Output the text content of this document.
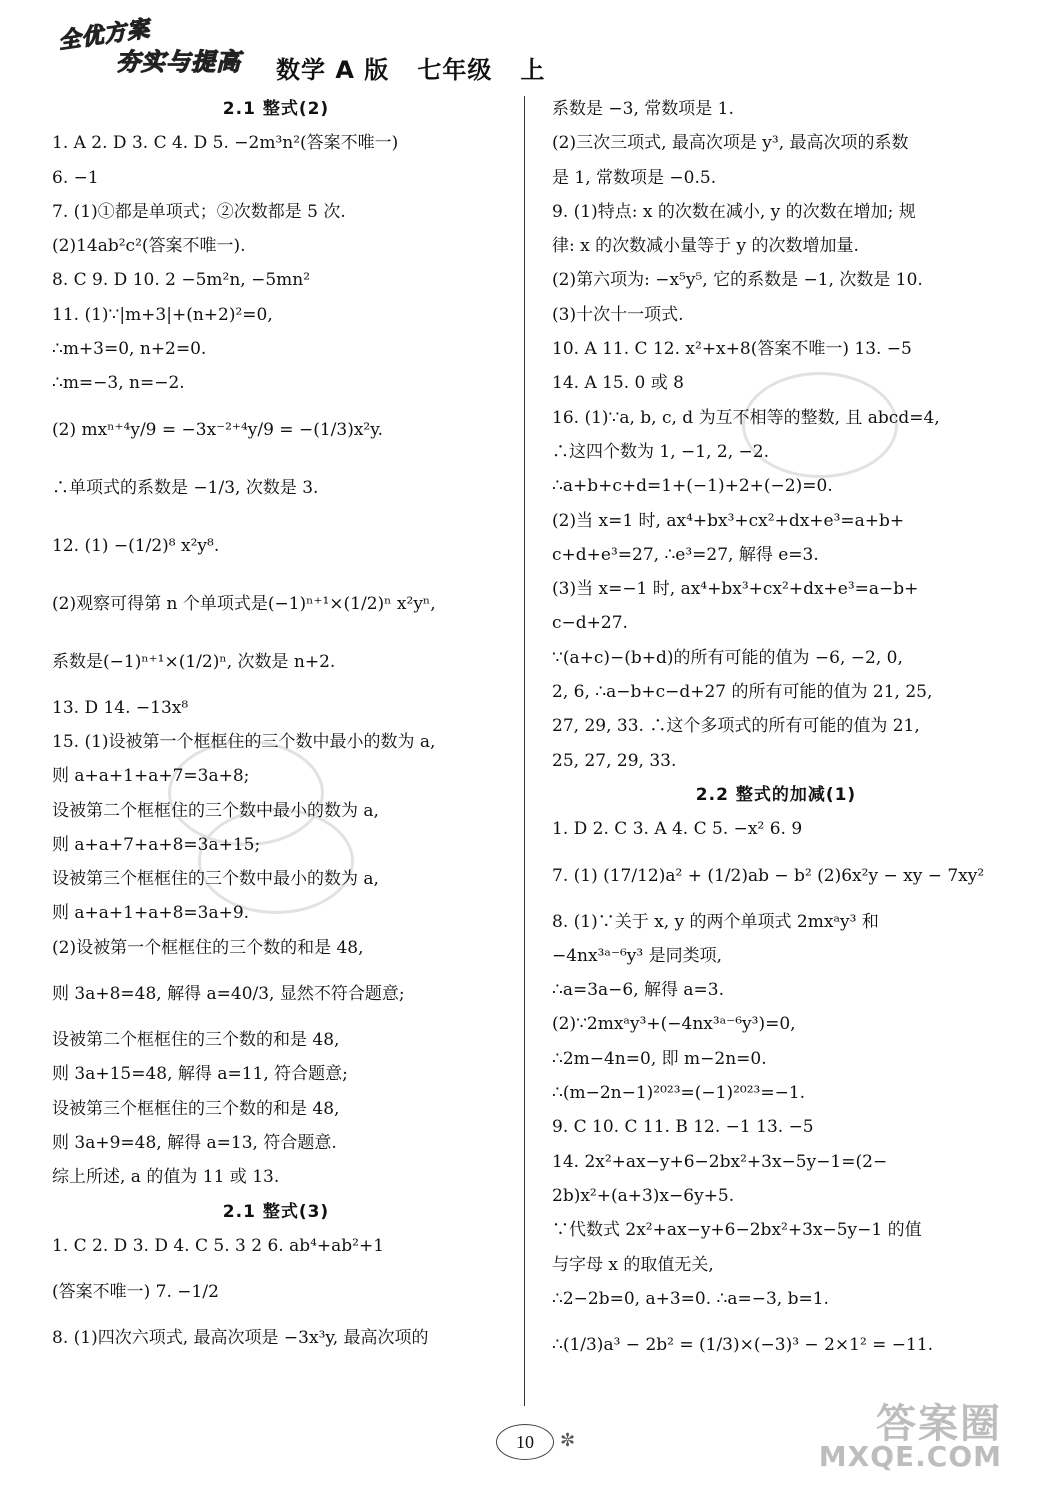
全优方案
夯实与提高 数学 A 版   七年级   上
2.1 整式(2)
1. A 2. D 3. C 4. D 5. −2m³n²(答案不唯一)
6. −1
7. (1)①都是单项式；②次数都是 5 次.
(2)14ab²c²(答案不唯一).
8. C 9. D 10. 2 −5m²n, −5mn²
11. (1)∵|m+3|+(n+2)²=0,
∴m+3=0, n+2=0.
∴m=−3, n=−2.
(2) mxⁿ⁺⁴y/9 = −3x⁻²⁺⁴y/9 = −(1/3)x²y.
∴单项式的系数是 −1/3, 次数是 3.
12. (1) −(1/2)⁸ x²y⁸.
(2)观察可得第 n 个单项式是(−1)ⁿ⁺¹×(1/2)ⁿ x²yⁿ,
系数是(−1)ⁿ⁺¹×(1/2)ⁿ, 次数是 n+2.
13. D 14. −13x⁸
15. (1)设被第一个框框住的三个数中最小的数为 a,
则 a+a+1+a+7=3a+8;
设被第二个框框住的三个数中最小的数为 a,
则 a+a+7+a+8=3a+15;
设被第三个框框住的三个数中最小的数为 a,
则 a+a+1+a+8=3a+9.
(2)设被第一个框框住的三个数的和是 48,
则 3a+8=48, 解得 a=40/3, 显然不符合题意;
设被第二个框框住的三个数的和是 48,
则 3a+15=48, 解得 a=11, 符合题意;
设被第三个框框住的三个数的和是 48,
则 3a+9=48, 解得 a=13, 符合题意.
综上所述, a 的值为 11 或 13.
2.1 整式(3)
1. C 2. D 3. D 4. C 5. 3 2 6. ab⁴+ab²+1
(答案不唯一) 7. −1/2
8. (1)四次六项式, 最高次项是 −3x³y, 最高次项的
系数是 −3, 常数项是 1.
(2)三次三项式, 最高次项是 y³, 最高次项的系数
是 1, 常数项是 −0.5.
9. (1)特点: x 的次数在减小, y 的次数在增加; 规
律: x 的次数减小量等于 y 的次数增加量.
(2)第六项为: −x⁵y⁵, 它的系数是 −1, 次数是 10.
(3)十次十一项式.
10. A 11. C 12. x²+x+8(答案不唯一) 13. −5
14. A 15. 0 或 8
16. (1)∵a, b, c, d 为互不相等的整数, 且 abcd=4,
∴这四个数为 1, −1, 2, −2.
∴a+b+c+d=1+(−1)+2+(−2)=0.
(2)当 x=1 时, ax⁴+bx³+cx²+dx+e³=a+b+
c+d+e³=27, ∴e³=27, 解得 e=3.
(3)当 x=−1 时, ax⁴+bx³+cx²+dx+e³=a−b+
c−d+27.
∵(a+c)−(b+d)的所有可能的值为 −6, −2, 0,
2, 6, ∴a−b+c−d+27 的所有可能的值为 21, 25,
27, 29, 33. ∴这个多项式的所有可能的值为 21,
25, 27, 29, 33.
2.2 整式的加减(1)
1. D 2. C 3. A 4. C 5. −x² 6. 9
7. (1) (17/12)a² + (1/2)ab − b² (2)6x²y − xy − 7xy²
8. (1)∵关于 x, y 的两个单项式 2mxᵃy³ 和
−4nx³ᵃ⁻⁶y³ 是同类项,
∴a=3a−6, 解得 a=3.
(2)∵2mxᵃy³+(−4nx³ᵃ⁻⁶y³)=0,
∴2m−4n=0, 即 m−2n=0.
∴(m−2n−1)²⁰²³=(−1)²⁰²³=−1.
9. C 10. C 11. B 12. −1 13. −5
14. 2x²+ax−y+6−2bx²+3x−5y−1=(2−
2b)x²+(a+3)x−6y+5.
∵代数式 2x²+ax−y+6−2bx²+3x−5y−1 的值
与字母 x 的取值无关,
∴2−2b=0, a+3=0. ∴a=−3, b=1.
∴(1/3)a³ − 2b² = (1/3)×(−3)³ − 2×1² = −11.
10	✼	答案圈
MXQE.COM
